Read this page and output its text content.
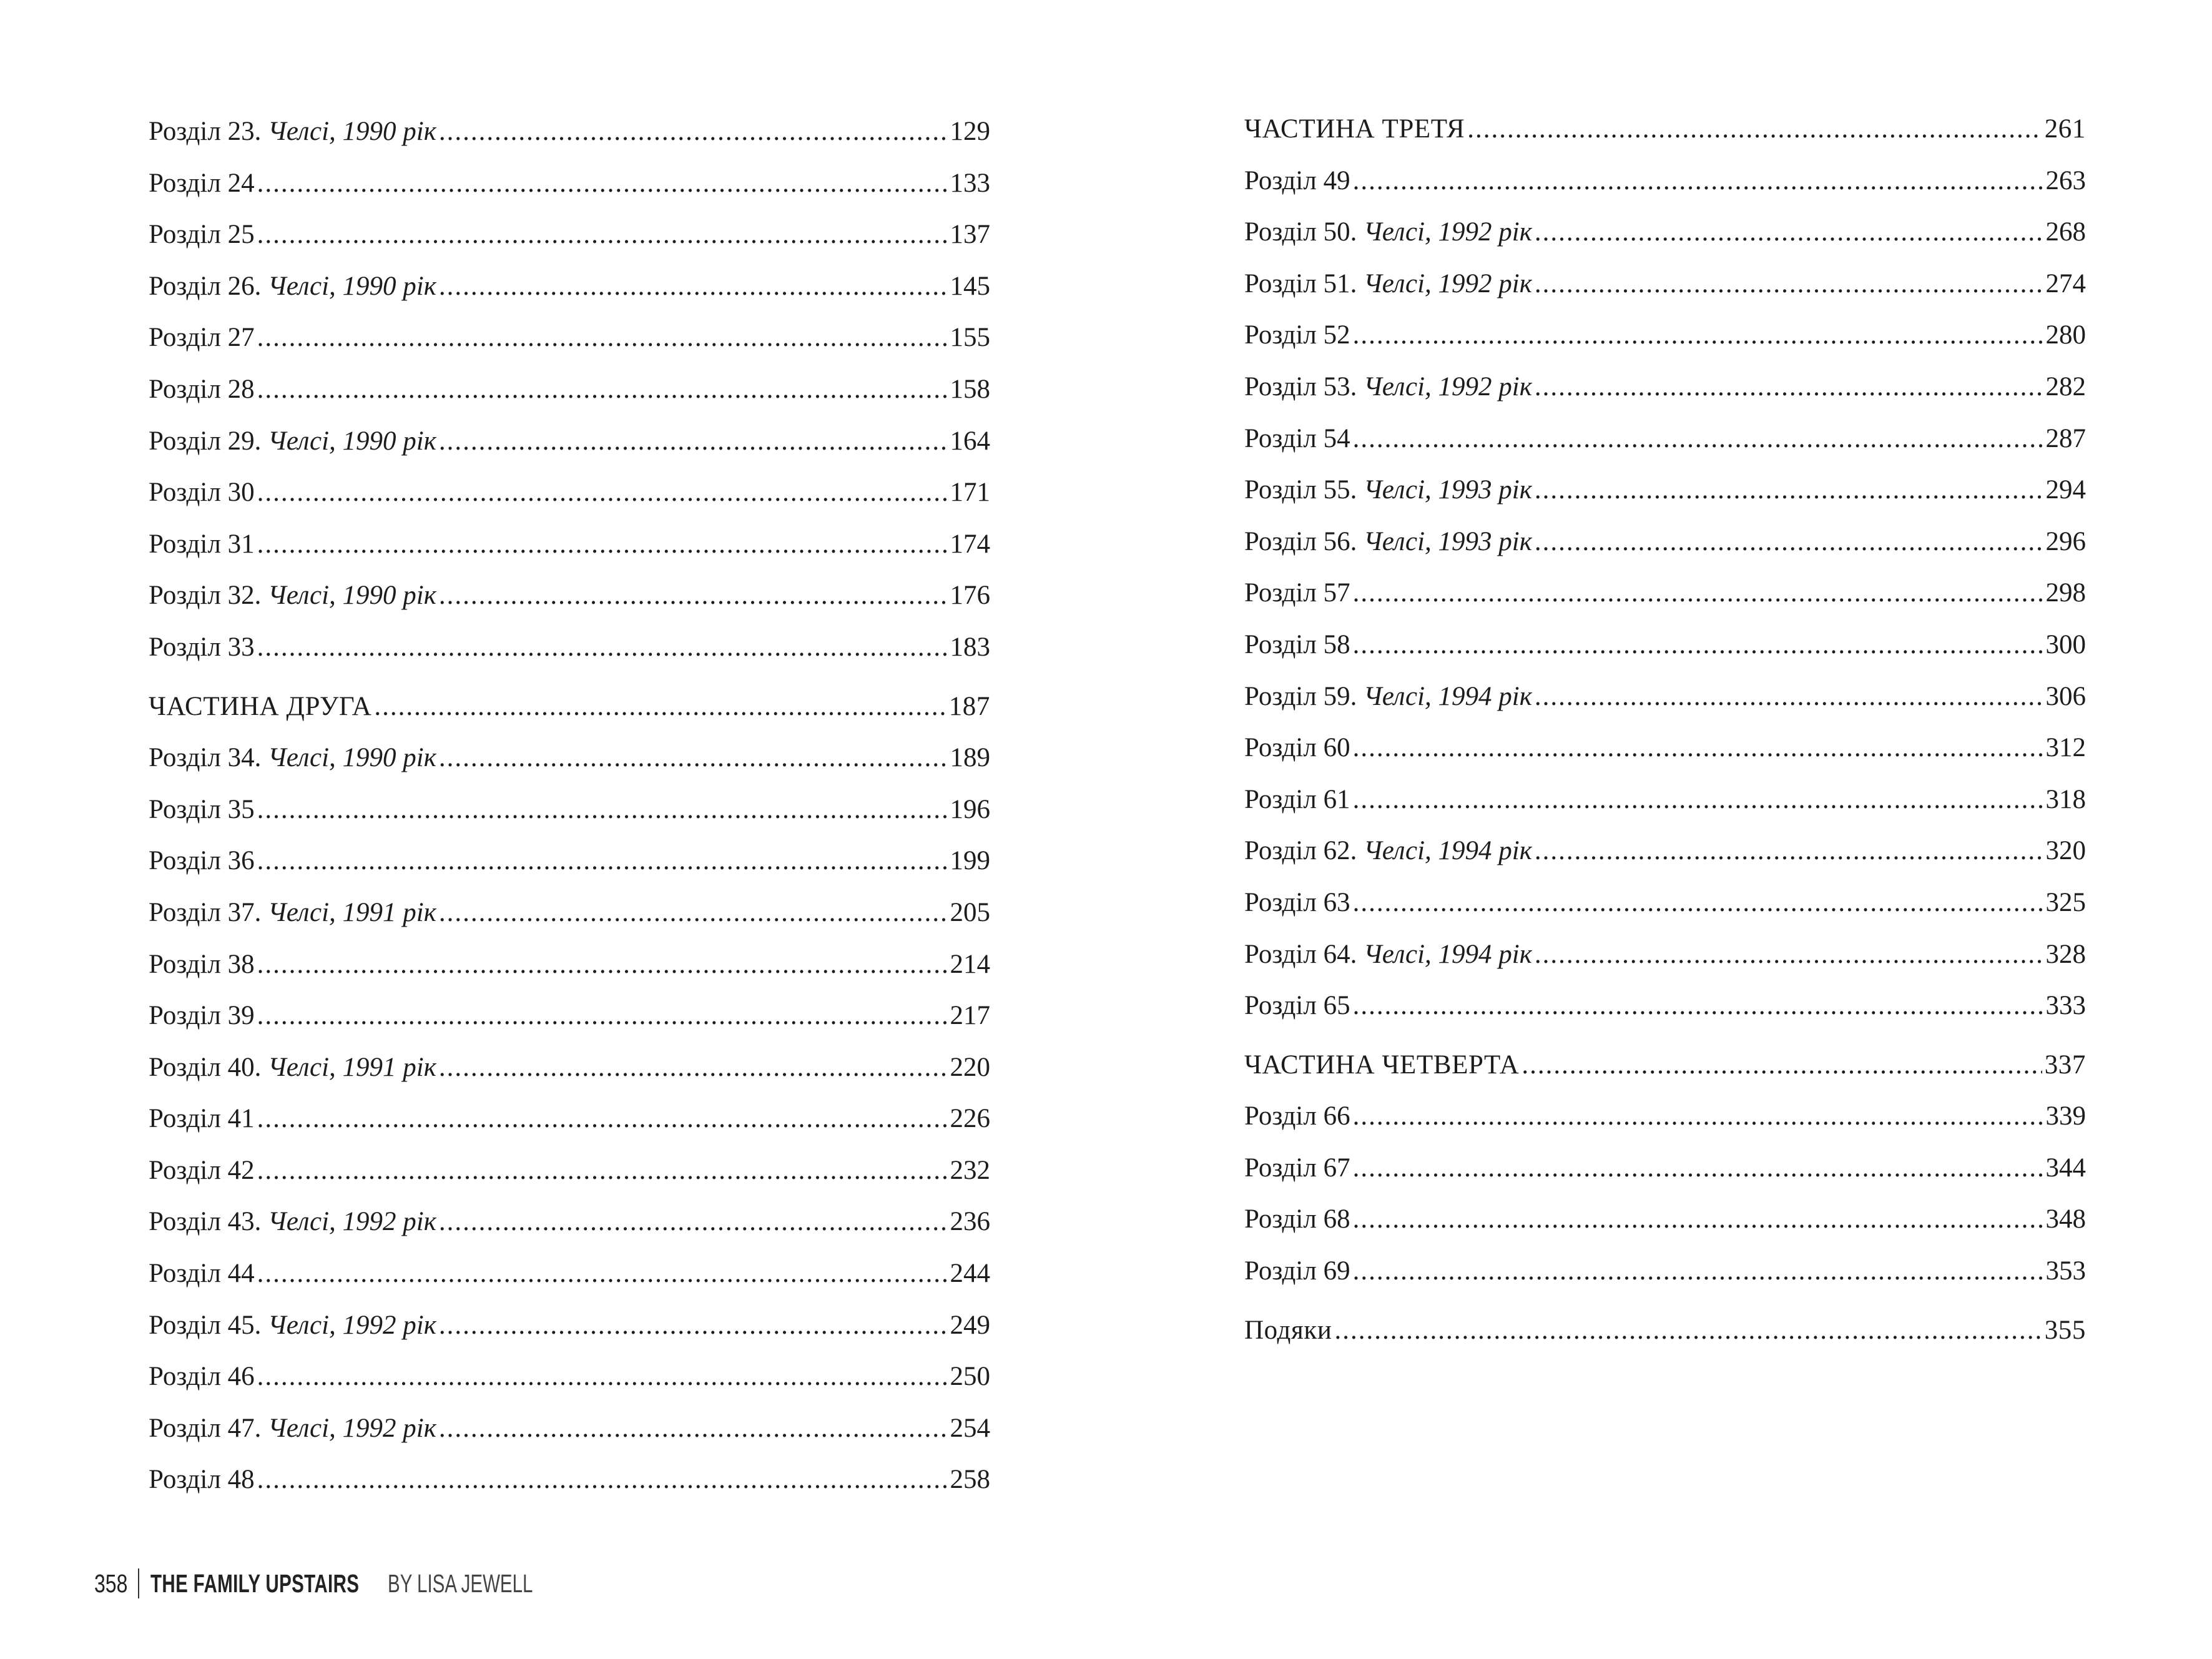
Розділ 23. Челсі, 1990 рік .....	129
Розділ 24 .....	133
Розділ 25 .....	137
Розділ 26. Челсі, 1990 рік .....	145
Розділ 27 .....	155
Розділ 28 .....	158
Розділ 29. Челсі, 1990 рік .....	164
Розділ 30 .....	171
Розділ 31 .....	174
Розділ 32. Челсі, 1990 рік .....	176
Розділ 33 .....	183
ЧАСТИНА ДРУГА .....	187
Розділ 34. Челсі, 1990 рік .....	189
Розділ 35 .....	196
Розділ 36 .....	199
Розділ 37. Челсі, 1991 рік .....	205
Розділ 38 .....	214
Розділ 39 .....	217
Розділ 40. Челсі, 1991 рік .....	220
Розділ 41 .....	226
Розділ 42 .....	232
Розділ 43. Челсі, 1992 рік .....	236
Розділ 44 .....	244
Розділ 45. Челсі, 1992 рік .....	249
Розділ 46 .....	250
Розділ 47. Челсі, 1992 рік .....	254
Розділ 48 .....	258
ЧАСТИНА ТРЕТЯ .....	261
Розділ 49 .....	263
Розділ 50. Челсі, 1992 рік .....	268
Розділ 51. Челсі, 1992 рік .....	274
Розділ 52 .....	280
Розділ 53. Челсі, 1992 рік .....	282
Розділ 54 .....	287
Розділ 55. Челсі, 1993 рік .....	294
Розділ 56. Челсі, 1993 рік .....	296
Розділ 57 .....	298
Розділ 58 .....	300
Розділ 59. Челсі, 1994 рік .....	306
Розділ 60 .....	312
Розділ 61 .....	318
Розділ 62. Челсі, 1994 рік .....	320
Розділ 63 .....	325
Розділ 64. Челсі, 1994 рік .....	328
Розділ 65 .....	333
ЧАСТИНА ЧЕТВЕРТА .....	337
Розділ 66 .....	339
Розділ 67 .....	344
Розділ 68 .....	348
Розділ 69 .....	353
Подяки .....	355
358 THE FAMILY UPSTAIRS BY LISA JEWELL
